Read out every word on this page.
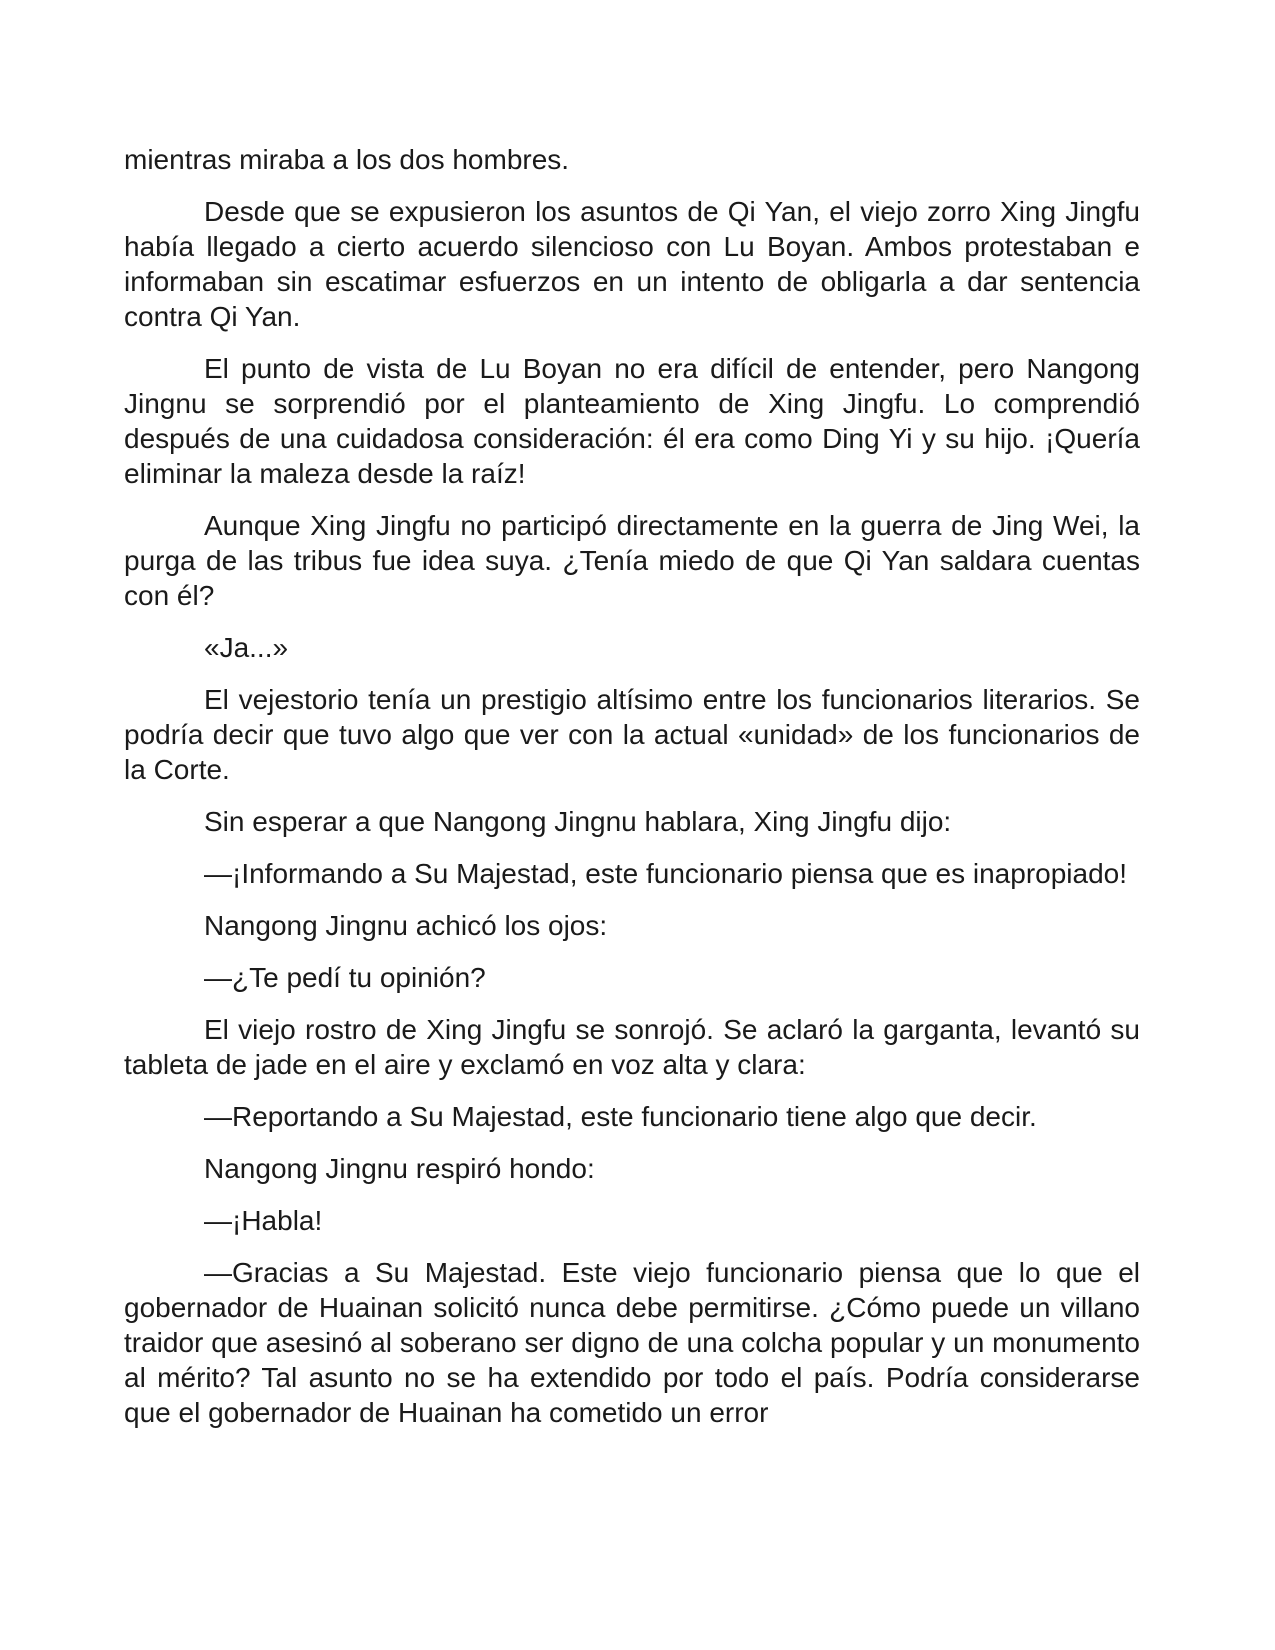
mientras miraba a los dos hombres.

Desde que se expusieron los asuntos de Qi Yan, el viejo zorro Xing Jingfu había llegado a cierto acuerdo silencioso con Lu Boyan. Ambos protestaban e informaban sin escatimar esfuerzos en un intento de obligarla a dar sentencia contra Qi Yan.

El punto de vista de Lu Boyan no era difícil de entender, pero Nangong Jingnu se sorprendió por el planteamiento de Xing Jingfu. Lo comprendió después de una cuidadosa consideración: él era como Ding Yi y su hijo. ¡Quería eliminar la maleza desde la raíz!

Aunque Xing Jingfu no participó directamente en la guerra de Jing Wei, la purga de las tribus fue idea suya. ¿Tenía miedo de que Qi Yan saldara cuentas con él?

«Ja...»

El vejestorio tenía un prestigio altísimo entre los funcionarios literarios. Se podría decir que tuvo algo que ver con la actual «unidad» de los funcionarios de la Corte.

Sin esperar a que Nangong Jingnu hablara, Xing Jingfu dijo:

—¡Informando a Su Majestad, este funcionario piensa que es inapropiado!

Nangong Jingnu achicó los ojos:

—¿Te pedí tu opinión?

El viejo rostro de Xing Jingfu se sonrojó. Se aclaró la garganta, levantó su tableta de jade en el aire y exclamó en voz alta y clara:

—Reportando a Su Majestad, este funcionario tiene algo que decir.

Nangong Jingnu respiró hondo:

—¡Habla!

—Gracias a Su Majestad. Este viejo funcionario piensa que lo que el gobernador de Huainan solicitó nunca debe permitirse. ¿Cómo puede un villano traidor que asesinó al soberano ser digno de una colcha popular y un monumento al mérito? Tal asunto no se ha extendido por todo el país. Podría considerarse que el gobernador de Huainan ha cometido un error
